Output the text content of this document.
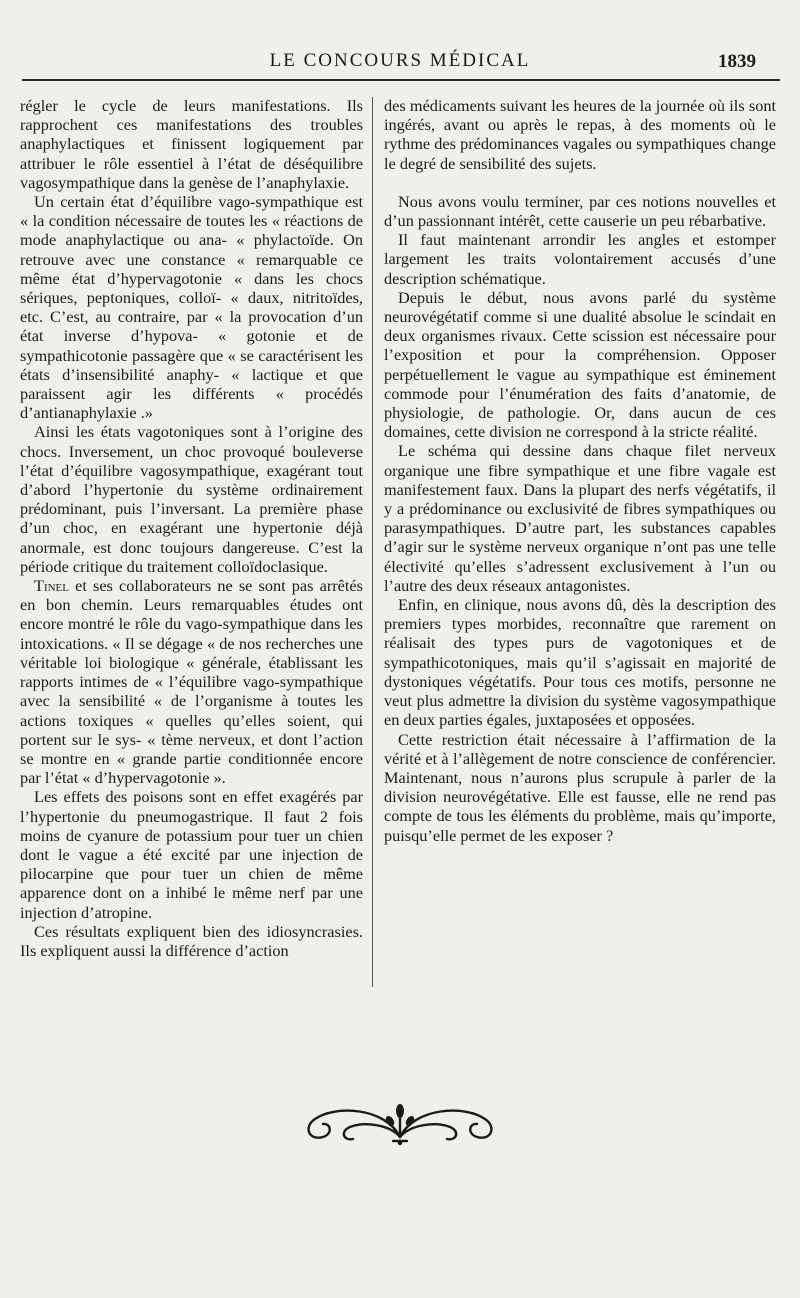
LE CONCOURS MÉDICAL	1839

régler le cycle de leurs manifestations. Ils rapprochent ces manifestations des troubles anaphylactiques et finissent logiquement par attribuer le rôle essentiel à l’état de déséquilibre vagosympathique dans la genèse de l’anaphylaxie.

Un certain état d’équilibre vago-sympathique est « la condition nécessaire de toutes les « réactions de mode anaphylactique ou ana- « phylactoïde. On retrouve avec une constance « remarquable ce même état d’hypervagotonie « dans les chocs sériques, peptoniques, colloï- « daux, nitritoïdes, etc. C’est, au contraire, par « la provocation d’un état inverse d’hypova- « gotonie et de sympathicotonie passagère que « se caractérisent les états d’insensibilité anaphy- « lactique et que paraissent agir les différents « procédés d’antianaphylaxie .»

Ainsi les états vagotoniques sont à l’origine des chocs. Inversement, un choc provoqué bouleverse l’état d’équilibre vagosympathique, exagérant tout d’abord l’hypertonie du système ordinairement prédominant, puis l’inversant. La première phase d’un choc, en exagérant une hypertonie déjà anormale, est donc toujours dangereuse. C’est la période critique du traitement colloïdoclasique.

Tinel et ses collaborateurs ne se sont pas arrêtés en bon chemin. Leurs remarquables études ont encore montré le rôle du vago-sympathique dans les intoxications. « Il se dégage « de nos recherches une véritable loi biologique « générale, établissant les rapports intimes de « l’équilibre vago-sympathique avec la sensibilité « de l’organisme à toutes les actions toxiques « quelles qu’elles soient, qui portent sur le sys- « tème nerveux, et dont l’action se montre en « grande partie conditionnée encore par l’état « d’hypervagotonie ».

Les effets des poisons sont en effet exagérés par l’hypertonie du pneumogastrique. Il faut 2 fois moins de cyanure de potassium pour tuer un chien dont le vague a été excité par une injection de pilocarpine que pour tuer un chien de même apparence dont on a inhibé le même nerf par une injection d’atropine.

Ces résultats expliquent bien des idiosyncrasies. Ils expliquent aussi la différence d’action

des médicaments suivant les heures de la journée où ils sont ingérés, avant ou après le repas, à des moments où le rythme des prédominances vagales ou sympathiques change le degré de sensibilité des sujets.

Nous avons voulu terminer, par ces notions nouvelles et d’un passionnant intérêt, cette causerie un peu rébarbative.

Il faut maintenant arrondir les angles et estomper largement les traits volontairement accusés d’une description schématique.

Depuis le début, nous avons parlé du système neurovégétatif comme si une dualité absolue le scindait en deux organismes rivaux. Cette scission est nécessaire pour l’exposition et pour la compréhension. Opposer perpétuellement le vague au sympathique est éminement commode pour l’énumération des faits d’anatomie, de physiologie, de pathologie. Or, dans aucun de ces domaines, cette division ne correspond à la stricte réalité.

Le schéma qui dessine dans chaque filet nerveux organique une fibre sympathique et une fibre vagale est manifestement faux. Dans la plupart des nerfs végétatifs, il y a prédominance ou exclusivité de fibres sympathiques ou parasympathiques. D’autre part, les substances capables d’agir sur le système nerveux organique n’ont pas une telle électivité qu’elles s’adressent exclusivement à l’un ou l’autre des deux réseaux antagonistes.

Enfin, en clinique, nous avons dû, dès la description des premiers types morbides, reconnaître que rarement on réalisait des types purs de vagotoniques et de sympathicotoniques, mais qu’il s’agissait en majorité de dystoniques végétatifs. Pour tous ces motifs, personne ne veut plus admettre la division du système vagosympathique en deux parties égales, juxtaposées et opposées.

Cette restriction était nécessaire à l’affirmation de la vérité et à l’allègement de notre conscience de conférencier. Maintenant, nous n’aurons plus scrupule à parler de la division neurovégétative. Elle est fausse, elle ne rend pas compte de tous les éléments du problème, mais qu’importe, puisqu’elle permet de les exposer ?
